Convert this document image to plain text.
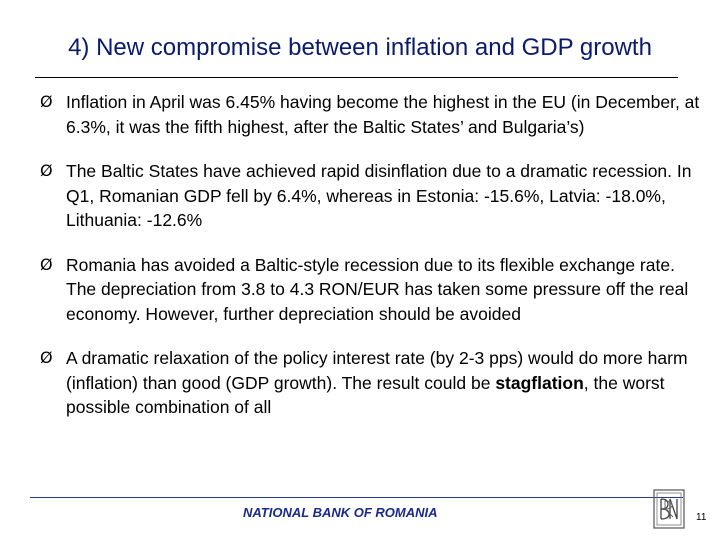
4) New compromise between inflation and GDP growth
Ø Inflation in April was 6.45% having become the highest in the EU (in December, at 6.3%, it was the fifth highest, after the Baltic States’ and Bulgaria’s)
Ø The Baltic States have achieved rapid disinflation due to a dramatic recession. In Q1, Romanian GDP fell by 6.4%, whereas in Estonia: -15.6%, Latvia: -18.0%, Lithuania: -12.6%
Ø Romania has avoided a Baltic-style recession due to its flexible exchange rate. The depreciation from 3.8 to 4.3 RON/EUR has taken some pressure off the real economy. However, further depreciation should be avoided
Ø A dramatic relaxation of the policy interest rate (by 2-3 pps) would do more harm (inflation) than good (GDP growth). The result could be stagflation, the worst possible combination of all
NATIONAL BANK OF ROMANIA	11
